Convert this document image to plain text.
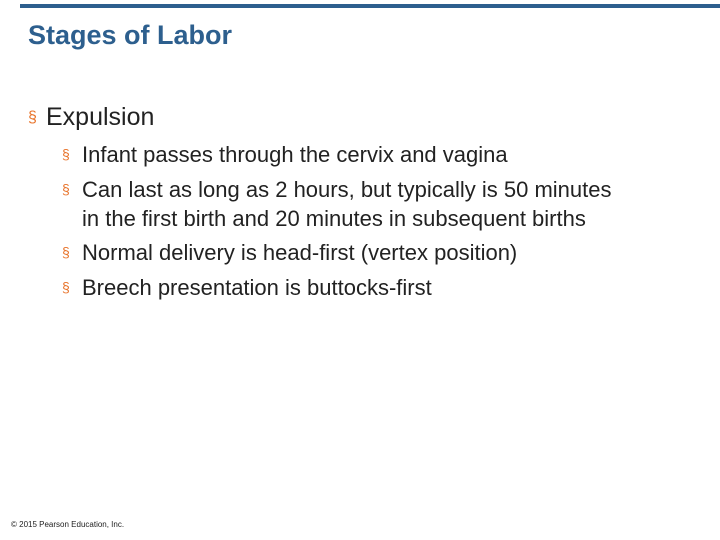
Stages of Labor
§ Expulsion
§ Infant passes through the cervix and vagina
§ Can last as long as 2 hours, but typically is 50 minutes in the first birth and 20 minutes in subsequent births
§ Normal delivery is head-first (vertex position)
§ Breech presentation is buttocks-first
© 2015 Pearson Education, Inc.
